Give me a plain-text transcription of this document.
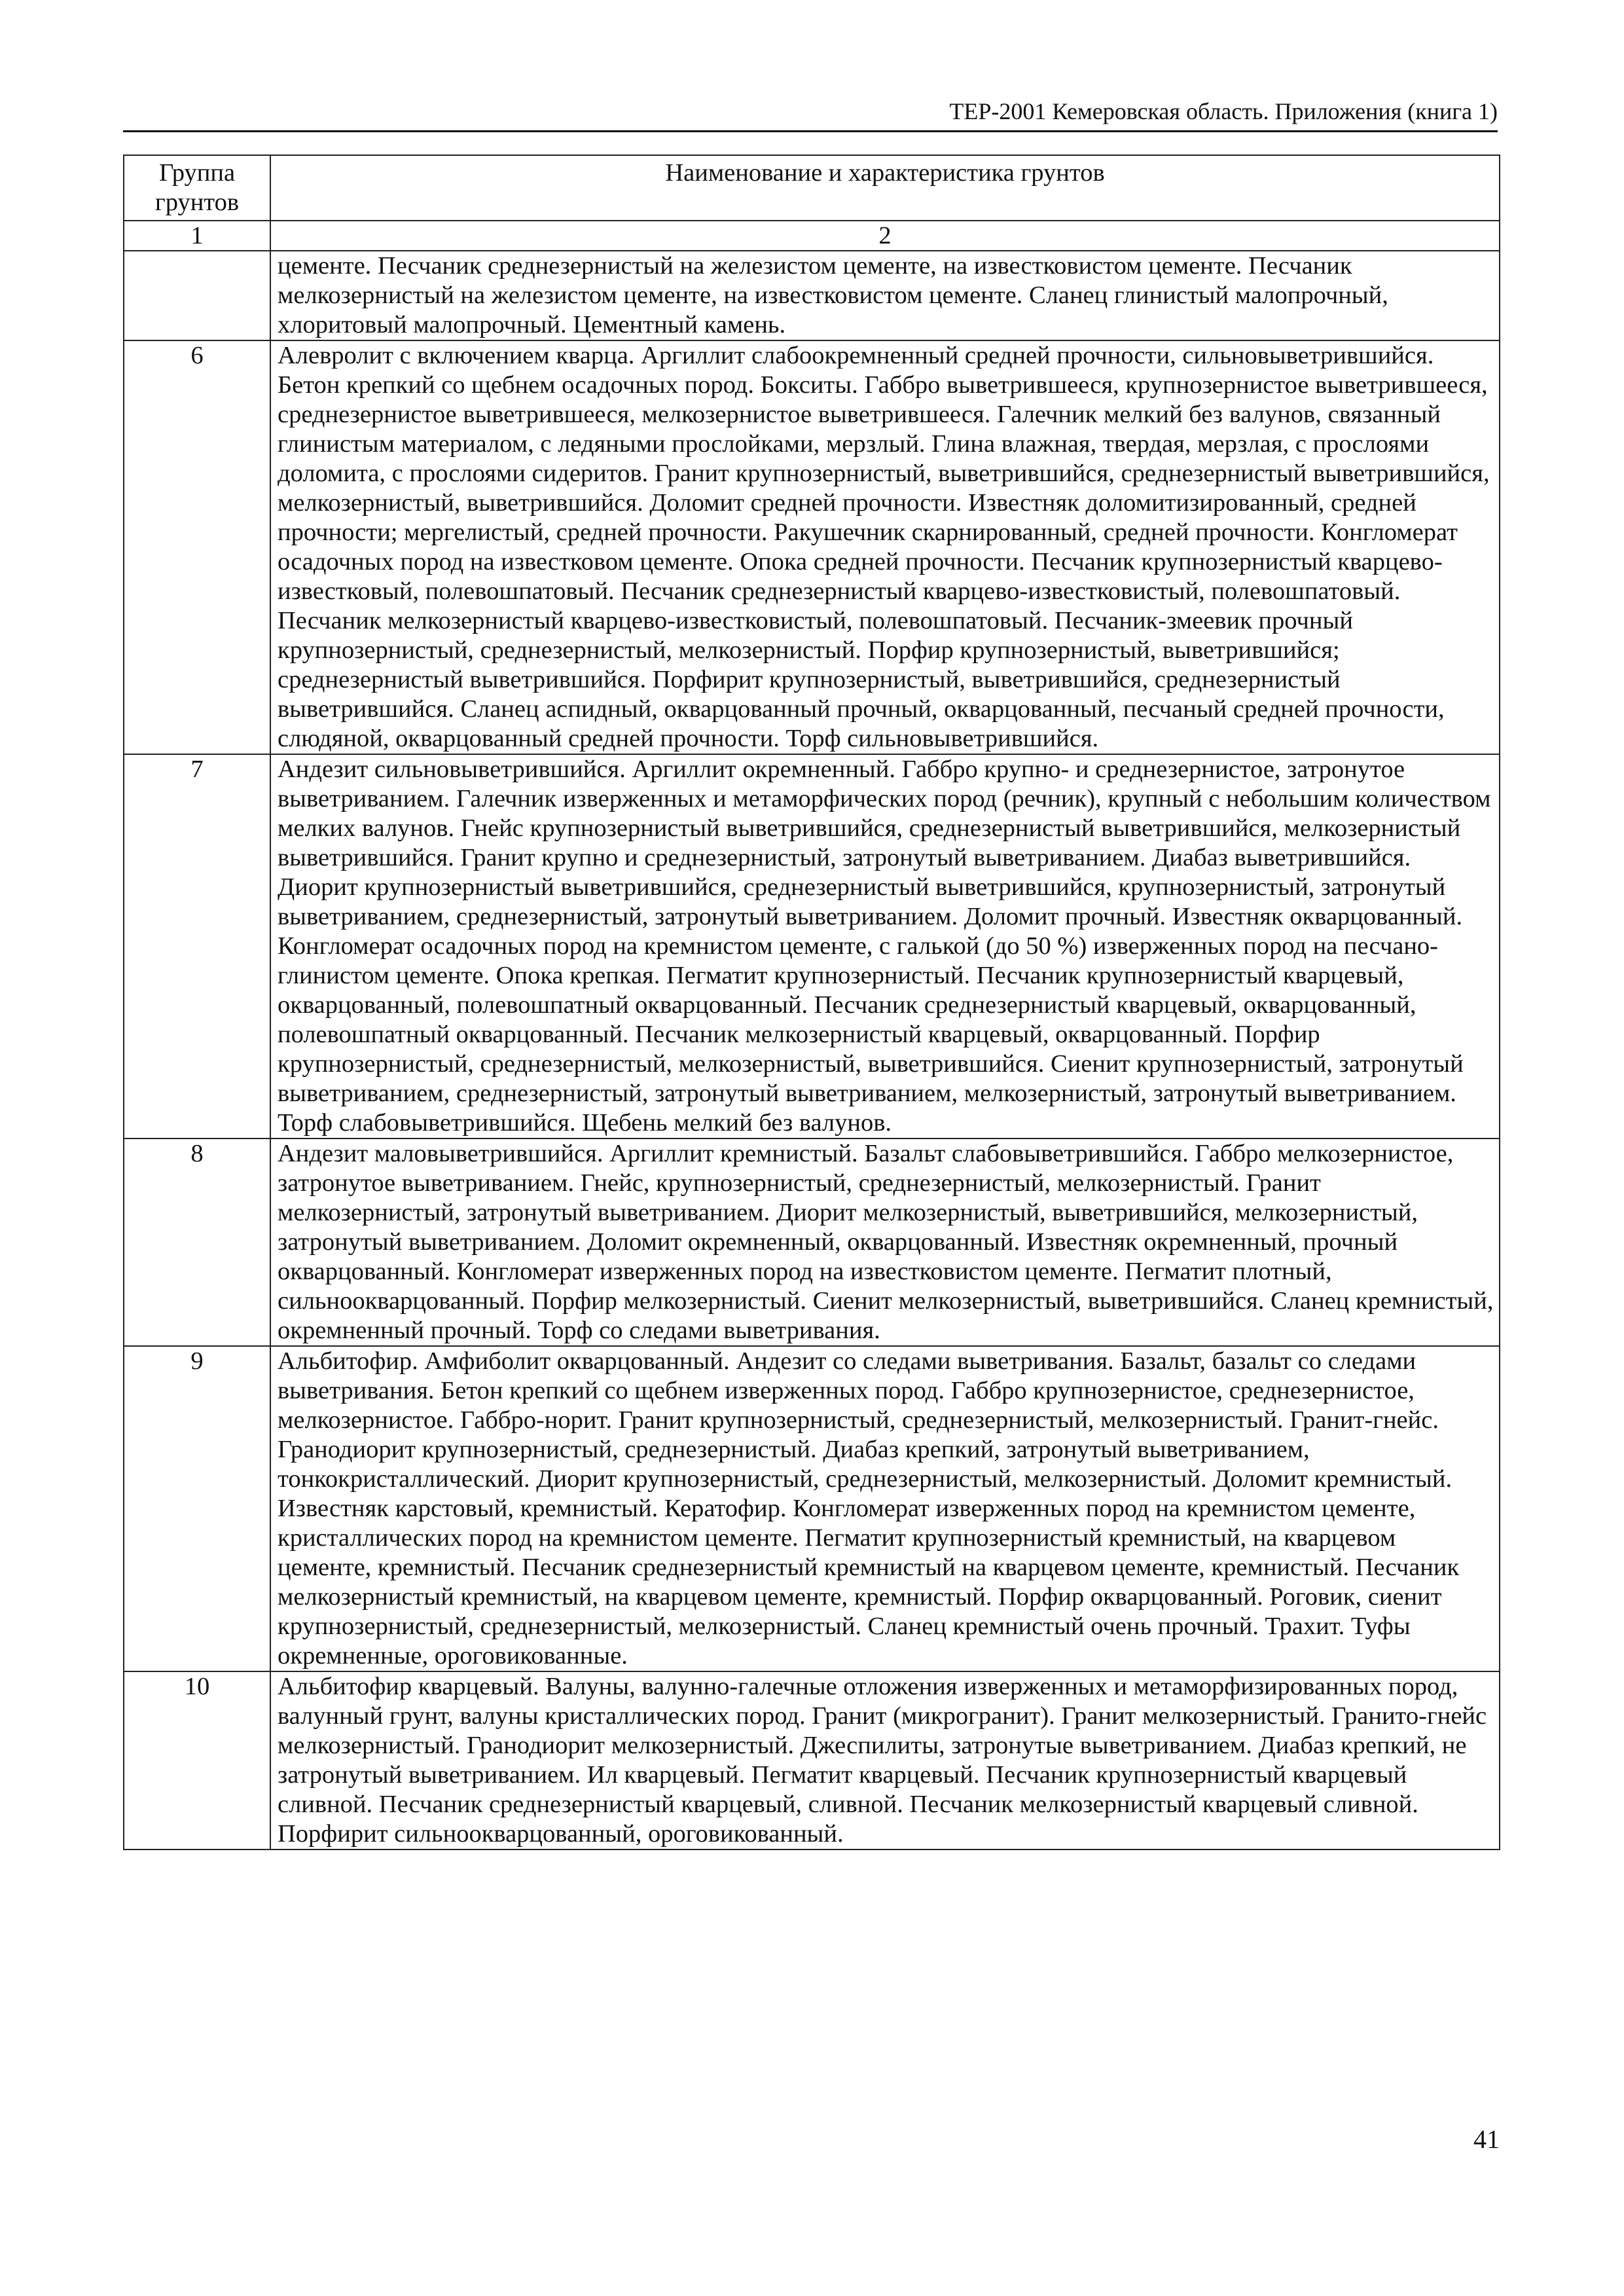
ТЕР-2001 Кемеровская область. Приложения (книга 1)
Группа грунтов	Наименование и характеристика грунтов
1	2
	цементе. Песчаник среднезернистый на железистом цементе, на известковистом цементе. Песчаник мелкозернистый на железистом цементе, на известковистом цементе. Сланец глинистый малопрочный, хлоритовый малопрочный. Цементный камень.
6	Алевролит с включением кварца. Аргиллит слабоокремненный средней прочности, сильновыветрившийся. Бетон крепкий со щебнем осадочных пород. Бокситы. Габбро выветрившееся, крупнозернистое выветрившееся, среднезернистое выветрившееся, мелкозернистое выветрившееся. Галечник мелкий без валунов, связанный глинистым материалом, с ледяными прослойками, мерзлый. Глина влажная, твердая, мерзлая, с прослоями доломита, с прослоями сидеритов. Гранит крупнозернистый, выветрившийся, среднезернистый выветрившийся, мелкозернистый, выветрившийся. Доломит средней прочности. Известняк доломитизированный, средней прочности; мергелистый, средней прочности. Ракушечник скарнированный, средней прочности. Конгломерат осадочных пород на известковом цементе. Опока средней прочности. Песчаник крупнозернистый кварцево-известковый, полевошпатовый. Песчаник среднезернистый кварцево-известковистый, полевошпатовый. Песчаник мелкозернистый кварцево-известковистый, полевошпатовый. Песчаник-змеевик прочный крупнозернистый, среднезернистый, мелкозернистый. Порфир крупнозернистый, выветрившийся; среднезернистый выветрившийся. Порфирит крупнозернистый, выветрившийся, среднезернистый выветрившийся. Сланец аспидный, окварцованный прочный, окварцованный, песчаный средней прочности, слюдяной, окварцованный средней прочности. Торф сильновыветрившийся.
7	Андезит сильновыветрившийся. Аргиллит окремненный. Габбро крупно- и среднезернистое, затронутое выветриванием. Галечник изверженных и метаморфических пород (речник), крупный с небольшим количеством мелких валунов. Гнейс крупнозернистый выветрившийся, среднезернистый выветрившийся, мелкозернистый выветрившийся. Гранит крупно и среднезернистый, затронутый выветриванием. Диабаз выветрившийся. Диорит крупнозернистый выветрившийся, среднезернистый выветрившийся, крупнозернистый, затронутый выветриванием, среднезернистый, затронутый выветриванием. Доломит прочный. Известняк окварцованный. Конгломерат осадочных пород на кремнистом цементе, с галькой (до 50 %) изверженных пород на песчано-глинистом цементе. Опока крепкая. Пегматит крупнозернистый. Песчаник крупнозернистый кварцевый, окварцованный, полевошпатный окварцованный. Песчаник среднезернистый кварцевый, окварцованный, полевошпатный окварцованный. Песчаник мелкозернистый кварцевый, окварцованный. Порфир крупнозернистый, среднезернистый, мелкозернистый, выветрившийся. Сиенит крупнозернистый, затронутый выветриванием, среднезернистый, затронутый выветриванием, мелкозернистый, затронутый выветриванием. Торф слабовыветрившийся. Щебень мелкий без валунов.
8	Андезит маловыветрившийся. Аргиллит кремнистый. Базальт слабовыветрившийся. Габбро мелкозернистое, затронутое выветриванием. Гнейс, крупнозернистый, среднезернистый, мелкозернистый. Гранит мелкозернистый, затронутый выветриванием. Диорит мелкозернистый, выветрившийся, мелкозернистый, затронутый выветриванием. Доломит окремненный, окварцованный. Известняк окремненный, прочный окварцованный. Конгломерат изверженных пород на известковистом цементе. Пегматит плотный, сильноокварцованный. Порфир мелкозернистый. Сиенит мелкозернистый, выветрившийся. Сланец кремнистый, окремненный прочный. Торф со следами выветривания.
9	Альбитофир. Амфиболит окварцованный. Андезит со следами выветривания. Базальт, базальт со следами выветривания. Бетон крепкий со щебнем изверженных пород. Габбро крупнозернистое, среднезернистое, мелкозернистое. Габбро-норит. Гранит крупнозернистый, среднезернистый, мелкозернистый. Гранит-гнейс. Гранодиорит крупнозернистый, среднезернистый. Диабаз крепкий, затронутый выветриванием, тонкокристаллический. Диорит крупнозернистый, среднезернистый, мелкозернистый. Доломит кремнистый. Известняк карстовый, кремнистый. Кератофир. Конгломерат изверженных пород на кремнистом цементе, кристаллических пород на кремнистом цементе. Пегматит крупнозернистый кремнистый, на кварцевом цементе, кремнистый. Песчаник среднезернистый кремнистый на кварцевом цементе, кремнистый. Песчаник мелкозернистый кремнистый, на кварцевом цементе, кремнистый. Порфир окварцованный. Роговик, сиенит крупнозернистый, среднезернистый, мелкозернистый. Сланец кремнистый очень прочный. Трахит. Туфы окремненные, ороговикованные.
10	Альбитофир кварцевый. Валуны, валунно-галечные отложения изверженных и метаморфизированных пород, валунный грунт, валуны кристаллических пород. Гранит (микрогранит). Гранит мелкозернистый. Гранито-гнейс мелкозернистый. Гранодиорит мелкозернистый. Джеспилиты, затронутые выветриванием. Диабаз крепкий, не затронутый выветриванием. Ил кварцевый. Пегматит кварцевый. Песчаник крупнозернистый кварцевый сливной. Песчаник среднезернистый кварцевый, сливной. Песчаник мелкозернистый кварцевый сливной. Порфирит сильноокварцованный, ороговикованный.
41
